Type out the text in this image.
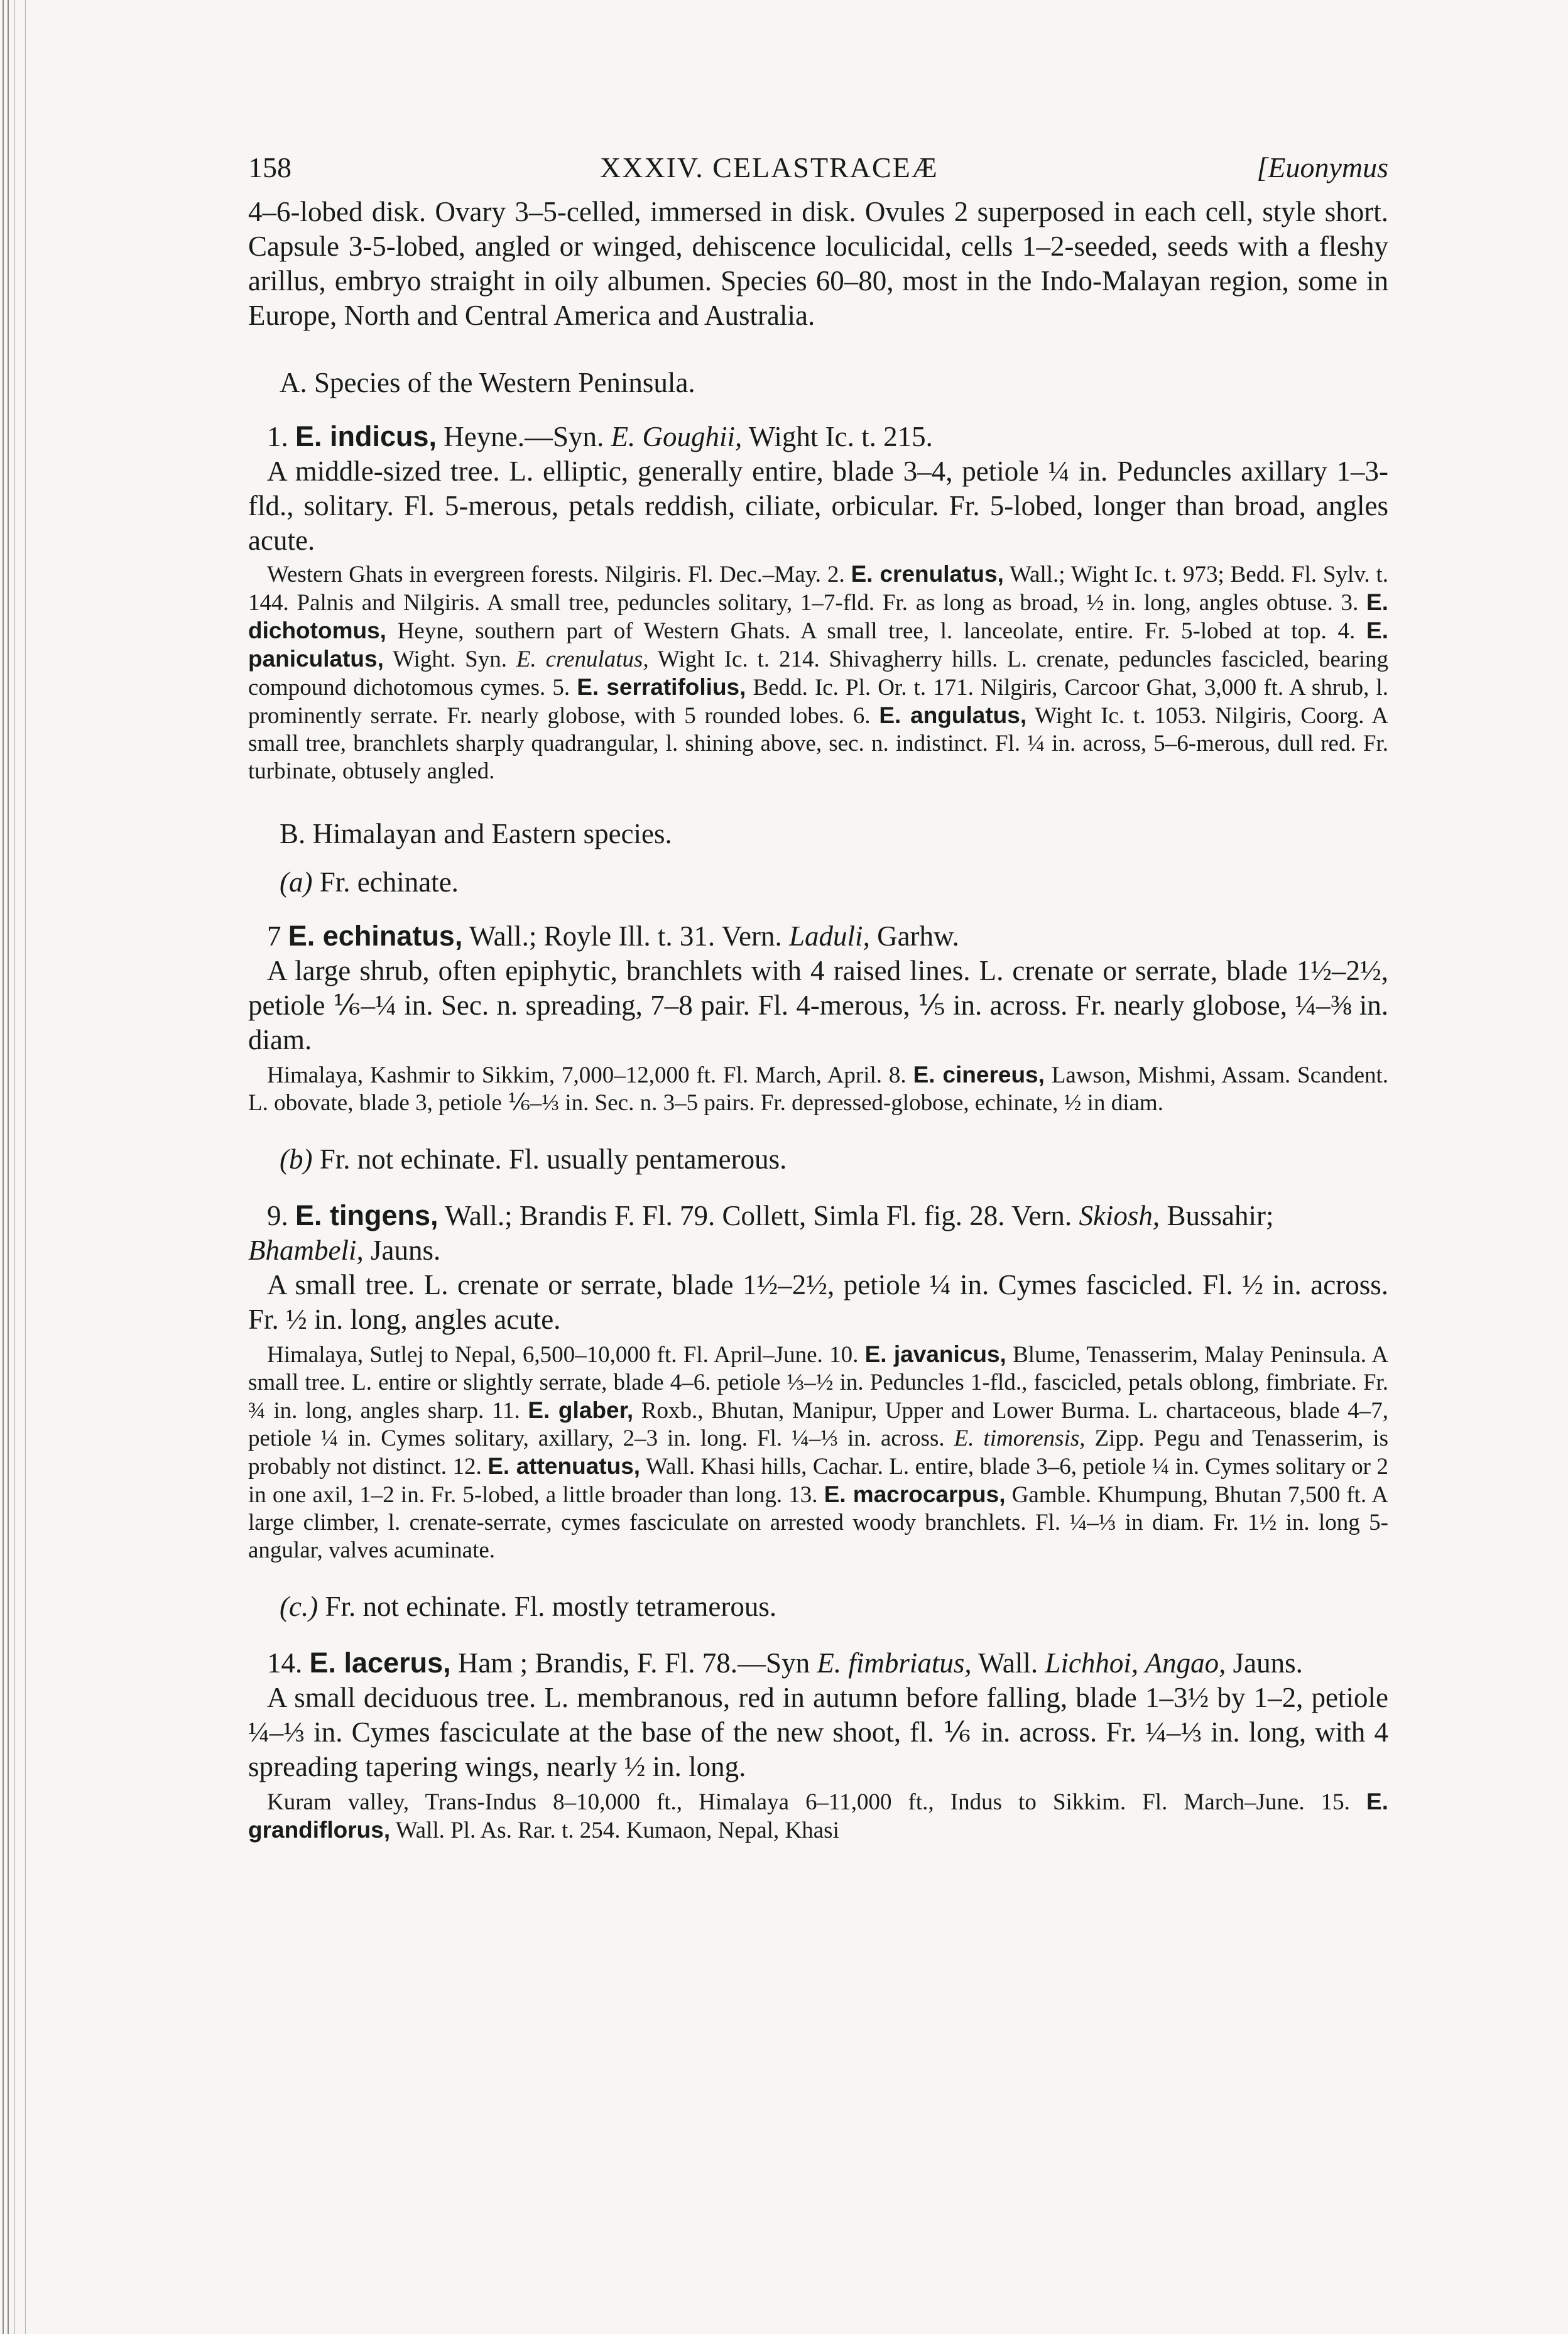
158	XXXIV. CELASTRACEÆ	[Euonymus

4–6-lobed disk. Ovary 3–5-celled, immersed in disk. Ovules 2 superposed in each cell, style short. Capsule 3-5-lobed, angled or winged, dehiscence loculicidal, cells 1–2-seeded, seeds with a fleshy arillus, embryo straight in oily albumen. Species 60–80, most in the Indo-Malayan region, some in Europe, North and Central America and Australia.

A. Species of the Western Peninsula.

1. E. indicus, Heyne.—Syn. E. Goughii, Wight Ic. t. 215.

A middle-sized tree. L. elliptic, generally entire, blade 3–4, petiole ¼ in. Peduncles axillary 1–3-fld., solitary. Fl. 5-merous, petals reddish, ciliate, orbicular. Fr. 5-lobed, longer than broad, angles acute.

Western Ghats in evergreen forests. Nilgiris. Fl. Dec.–May. 2. E. crenulatus, Wall.; Wight Ic. t. 973; Bedd. Fl. Sylv. t. 144. Palnis and Nilgiris. A small tree, peduncles solitary, 1–7-fld. Fr. as long as broad, ½ in. long, angles obtuse. 3. E. dichotomus, Heyne, southern part of Western Ghats. A small tree, l. lanceolate, entire. Fr. 5-lobed at top. 4. E. paniculatus, Wight. Syn. E. crenulatus, Wight Ic. t. 214. Shivagherry hills. L. crenate, peduncles fascicled, bearing compound dichotomous cymes. 5. E. serratifolius, Bedd. Ic. Pl. Or. t. 171. Nilgiris, Carcoor Ghat, 3,000 ft. A shrub, l. prominently serrate. Fr. nearly globose, with 5 rounded lobes. 6. E. angulatus, Wight Ic. t. 1053. Nilgiris, Coorg. A small tree, branchlets sharply quadrangular, l. shining above, sec. n. indistinct. Fl. ¼ in. across, 5–6-merous, dull red. Fr. turbinate, obtusely angled.

B. Himalayan and Eastern species.

(a) Fr. echinate.

7 E. echinatus, Wall.; Royle Ill. t. 31. Vern. Laduli, Garhw.

A large shrub, often epiphytic, branchlets with 4 raised lines. L. crenate or serrate, blade 1½–2½, petiole ⅙–¼ in. Sec. n. spreading, 7–8 pair. Fl. 4-merous, ⅕ in. across. Fr. nearly globose, ¼–⅜ in. diam.

Himalaya, Kashmir to Sikkim, 7,000–12,000 ft. Fl. March, April. 8. E. cinereus, Lawson, Mishmi, Assam. Scandent. L. obovate, blade 3, petiole ⅙–⅓ in. Sec. n. 3–5 pairs. Fr. depressed-globose, echinate, ½ in diam.

(b) Fr. not echinate. Fl. usually pentamerous.

9. E. tingens, Wall.; Brandis F. Fl. 79. Collett, Simla Fl. fig. 28. Vern. Skiosh, Bussahir; Bhambeli, Jauns.

A small tree. L. crenate or serrate, blade 1½–2½, petiole ¼ in. Cymes fascicled. Fl. ½ in. across. Fr. ½ in. long, angles acute.

Himalaya, Sutlej to Nepal, 6,500–10,000 ft. Fl. April–June. 10. E. javanicus, Blume, Tenasserim, Malay Peninsula. A small tree. L. entire or slightly serrate, blade 4–6. petiole ⅓–½ in. Peduncles 1-fld., fascicled, petals oblong, fimbriate. Fr. ¾ in. long, angles sharp. 11. E. glaber, Roxb., Bhutan, Manipur, Upper and Lower Burma. L. chartaceous, blade 4–7, petiole ¼ in. Cymes solitary, axillary, 2–3 in. long. Fl. ¼–⅓ in. across. E. timorensis, Zipp. Pegu and Tenasserim, is probably not distinct. 12. E. attenuatus, Wall. Khasi hills, Cachar. L. entire, blade 3–6, petiole ¼ in. Cymes solitary or 2 in one axil, 1–2 in. Fr. 5-lobed, a little broader than long. 13. E. macrocarpus, Gamble. Khumpung, Bhutan 7,500 ft. A large climber, l. crenate-serrate, cymes fasciculate on arrested woody branchlets. Fl. ¼–⅓ in diam. Fr. 1½ in. long 5-angular, valves acuminate.

(c.) Fr. not echinate. Fl. mostly tetramerous.

14. E. lacerus, Ham ; Brandis, F. Fl. 78.—Syn E. fimbriatus, Wall. Lichhoi, Angao, Jauns.

A small deciduous tree. L. membranous, red in autumn before falling, blade 1–3½ by 1–2, petiole ¼–⅓ in. Cymes fasciculate at the base of the new shoot, fl. ⅙ in. across. Fr. ¼–⅓ in. long, with 4 spreading tapering wings, nearly ½ in. long.

Kuram valley, Trans-Indus 8–10,000 ft., Himalaya 6–11,000 ft., Indus to Sikkim. Fl. March–June. 15. E. grandiflorus, Wall. Pl. As. Rar. t. 254. Kumaon, Nepal, Khasi
